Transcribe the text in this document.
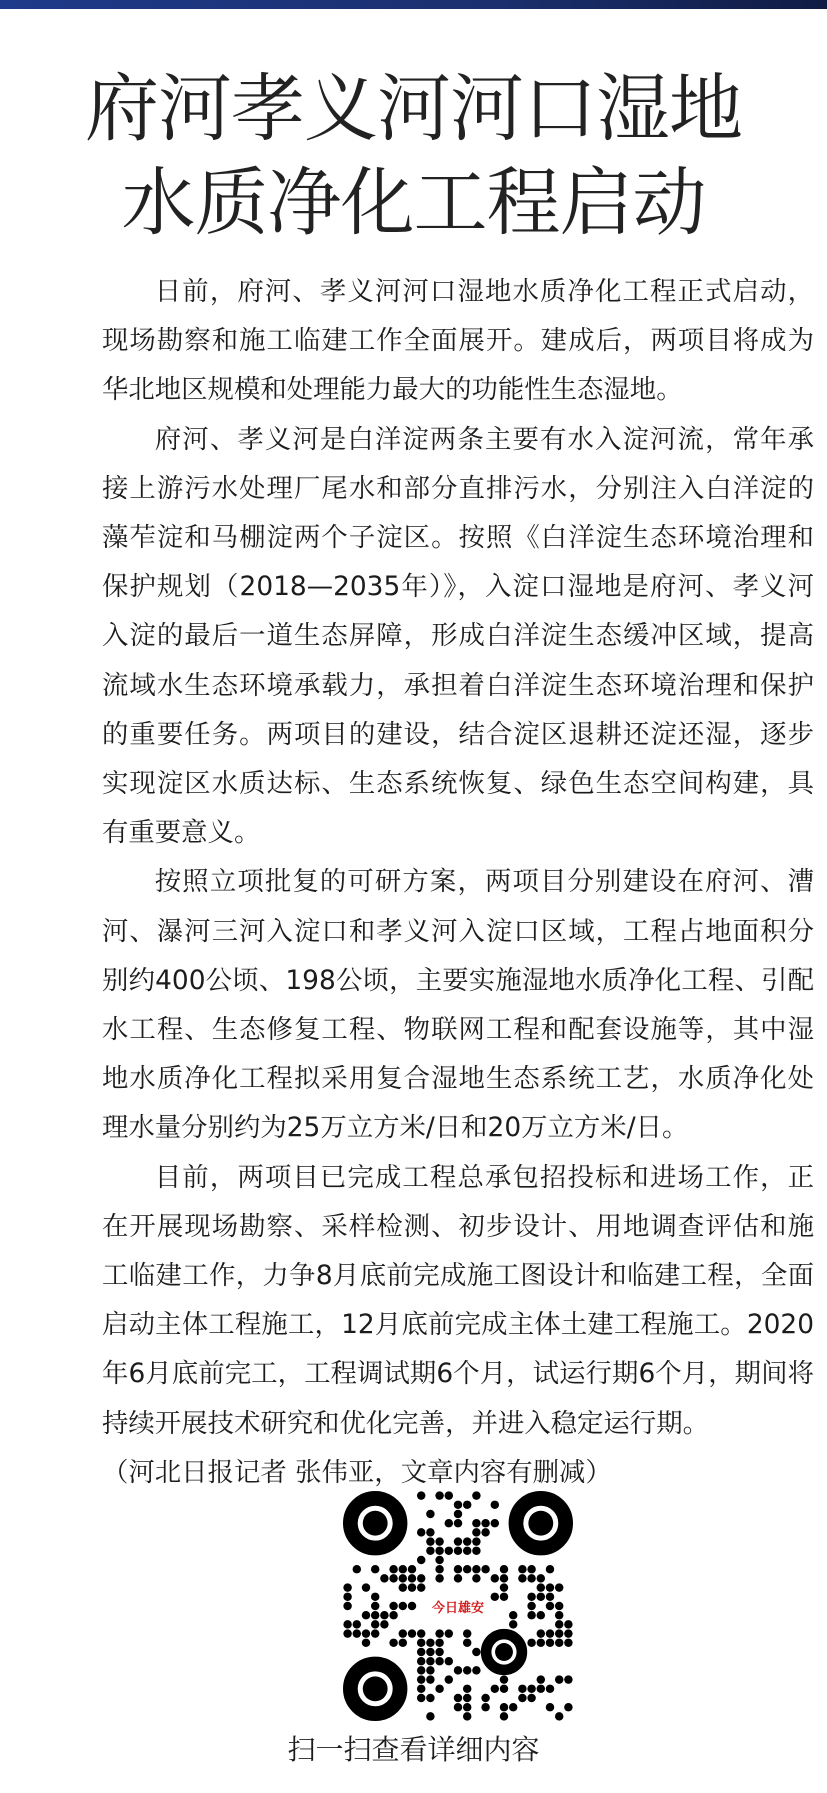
府河孝义河河口湿地
水质净化工程启动

日前，府河、孝义河河口湿地水质净化工程正式启动，现场勘察和施工临建工作全面展开。建成后，两项目将成为华北地区规模和处理能力最大的功能性生态湿地。

府河、孝义河是白洋淀两条主要有水入淀河流，常年承接上游污水处理厂尾水和部分直排污水，分别注入白洋淀的藻苲淀和马棚淀两个子淀区。按照《白洋淀生态环境治理和保护规划（2018—2035年）》，入淀口湿地是府河、孝义河入淀的最后一道生态屏障，形成白洋淀生态缓冲区域，提高流域水生态环境承载力，承担着白洋淀生态环境治理和保护的重要任务。两项目的建设，结合淀区退耕还淀还湿，逐步实现淀区水质达标、生态系统恢复、绿色生态空间构建，具有重要意义。

按照立项批复的可研方案，两项目分别建设在府河、漕河、瀑河三河入淀口和孝义河入淀口区域，工程占地面积分别约400公顷、198公顷，主要实施湿地水质净化工程、引配水工程、生态修复工程、物联网工程和配套设施等，其中湿地水质净化工程拟采用复合湿地生态系统工艺，水质净化处理水量分别约为25万立方米/日和20万立方米/日。

目前，两项目已完成工程总承包招投标和进场工作，正在开展现场勘察、采样检测、初步设计、用地调查评估和施工临建工作，力争8月底前完成施工图设计和临建工程，全面启动主体工程施工，12月底前完成主体土建工程施工。2020年6月底前完工，工程调试期6个月，试运行期6个月，期间将持续开展技术研究和优化完善，并进入稳定运行期。

（河北日报记者 张伟亚，文章内容有删减）

今日雄安
扫一扫查看详细内容
